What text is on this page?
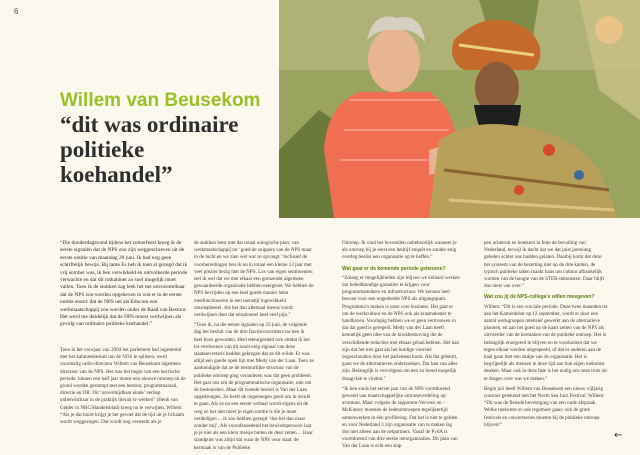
6
Willem van Beusekom
“dit was ordinaire politieke koehandel”

“Die donderdagavond tijdens het zomerfeest kreeg ik de eerste signalen dat de NPS zou zijn weggeschreven uit de eerste notitie van maandag 20 juni. Ik had nog geen schriftelijk bewijs. Bij tante Es heb ik toen al gezegd dat ik vrij somber was, ik ben verwikkeld en ontvolkerde periode verwachte en dat dit rotkabinet zo snel mogelijk moet vallen. Toen ik de stukken zag leek het me onvoorstelbaar dat de NPS zou worden opgeheven in wat er in de eerste notitie stond: dat de NPS net als Educom een werkmaatschappij zou worden onder de Raad van Bestuur. Het werd me duidelijk dat de NPS moest verdwijnen als gevolg van ordinaire politieke koehandel.”

Toen in het voorjaar van 2004 het parlement had ingestemd met het kabinetsbesluit om de NOS te splitsen, werd voormalig radio-directeur Willem van Beusekom algemeen directeur van de NPS. Het was het begin van een hectische periode: binnen een half jaar moest een nieuwe omroep uit de grond worden gestampt met een bestuur, programmaraad, directie en OR. Dit ‘onvermijdbaar einde’ verliep onbetwistbaar in de praktijk literair te werken” (Henk van Gelder in NRC/Handelsblad) kreeg nu te verwijten. Willem: “Als je dat hoort krijgt je het gevoel dat de tijd uit je lichaam wordt weggezogen. Dat wordt nog versterkt als je

de stukken leest met dat totaal onlogische plan: van werkmaatschappij tot ‘goed de snippers van de NPS maar in de lucht en we zien wel wat ze opvangt.’ Inclusief de voorbereidingen ben ik nu in totaal een kleine 12 jaar met veel plezier bezig met de NPS. Los van eigen sentimenten stel ik wel dat we met elkaar een grenzende algemeen gewaardeerde organisatie hebben neergezet. We hebben de NPS bevrijden op een heel goede manier laten meefunctioneren in een toenstijl ingewikkeld omroepbestel. Als het dan allemaal ineens wordt verdwijnen doet dat emotioneel heel veel pijn.”

“Toen ik, na die eerste signalen op 23 juni, de volgende dag het besluit van de drie fractievoorzitters las ben ik heel boos geworden. Heel teleurgesteld ook omdat ik het lot verdwenen van dit nooit enig signaal van deze staatssecretaris hadden gekregen dat ze dit wilde. Er was altijd een goede open lijn met Medy van der Laan. Toen ze aankondigde dat ze de bestuurlijke structuur van de publieke omroep ging veranderen was dat geen probleem. Het gaat ons om de programmatische organisatie, niet om de bestuurders. Maar dit tweede besluit is Van der Laan opgedrongen. Ze heeft de ongenoegen geuit om in reculé te gaan. Als ze nu een eerste verhaal wordt ergens uit de weg en het niet meer je eigen notitie is die je moet verdedigen ... ik zou hebben gezegd ‘doe het dan maar zonder mij’. Als voorafsnoedend het bewindspersoon laat je je niet als een klein meisje buiten de deur zetten ... Haar standpunt was altijd dat waar de NPS voor staat, de kerntaak is van de Publieke

Omroep. Ik vind het bovendien onbehoorlijk wanneer je als omroep bij je eerst een bedrijf enquêt en zonder enig overleg beslist een organisatie op te heffen.”

Wat gaat er de komende periode gebeuren?

“Zolang er mogelijkheden zijn blijven we keihard werken om beleidkundige garanties te krijgen voor programmamakers en infrastructuur. We kennen heel bewust voor een ongedeelde NPS als uitgangspunt. Programma’s maken is onze core business. Het gaat er om de werkcultuur en de NPS ook als krasmakener te handhaven. Voorlopig hebben we er geen vertrouwen in dat dat goed is geregeld. Medy van der Laan heeft kennelijk geen idee van de kruisbestuiving die de verschillende redacties met elkaar gehad hebben. Het kan zijn dat het mis gaat als het huidige voorstel ongeschonden door het parlement komt. Als dat gebeurt, gaan we de alternatieven onderzoeken. Dat kan van alles zijn. Belangrijk is vervolgens om een zo breed mogelijk draagvlak te vinden.”

“Ik ben sinds het eerste jaar van de NPS voortdurend gewend van maatschappelijke omroepverdeling op avontuur. Maar volgens de rapporten-Verveen en -McKinsey moesten de ledenomroepen tegelijkertijd samenwerken in één profilering. Dat het is niet te gelden en voor Nederland 3 zijn organisatie van te maken lag dus niet alleen aan de netpartners. Vanaf de PvdA is voortdurend van drie sterke netorganisaties. Dit plan van Van der Laan is echt een stap

pen achteruit en betekent in feite de bevuiling van Nederland, terwijl ik dacht dat we dat juist jarenlang geleden achter ons hadden gelaten. Daarbij komt dat deze het systeem van de bezetting niet op de drie kanten, de typisch publieke taken maakt kans om cultuur afhankelijk worden van de hoogte van de STER-inkomsten. Daar blijft dus niets van over.”

Wat zou jij de NPS-collega’s willen meegeven?

Willem: “Dit is een cruciale periode. Deze twee maanden tot aan het Kamerdebat op 12 september, wordt er door een aantal werkgroepen intensief gewerkt aan de alternatieve plannen, en aan het goed op de kaart zetten van de NPS als uitvoerder van de kerntaken van de publieke omroep. Het is belangrijk enorgeerd te blijven en te voorkomen dat we tegen elkaar worden uitgespeeld, of dat er anderen aan de haal gaan met een stukje van de organisatie. Het is begrijpelijk als mensen in deze tijd aan hun eigen toekomst denken. Maar ook in deze fase is het nodig om onze trots uit te dragen over wat we maken.”

Begin juli heeft Willem van Beusekom een nieuw vijfjarig contract getekend met het North Sea Jazz Festival. Willem: “Dit was de fiensde bevestiging van een oude afspraak. Welke toekomst er ook tegemoet gaan: ook de grote festivals en concertseries moeten bij de publieke omroep blijven!”

←
